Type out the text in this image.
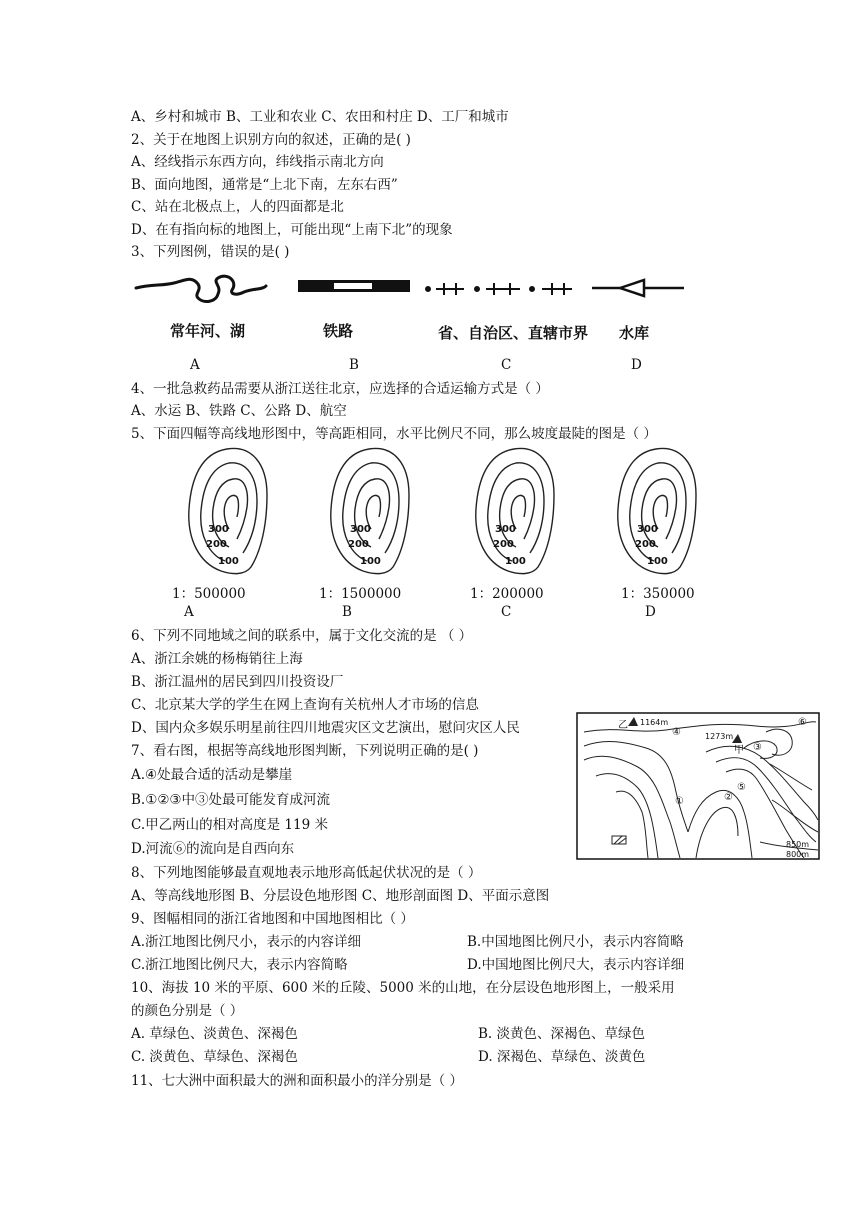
A、乡村和城市 B、工业和农业 C、农田和村庄 D、工厂和城市
2、关于在地图上识别方向的叙述，正确的是( )
A、经线指示东西方向，纬线指示南北方向
B、面向地图，通常是“上北下南，左东右西”
C、站在北极点上，人的四面都是北
D、在有指向标的地图上，可能出现“上南下北”的现象
3、下列图例，错误的是( )
常年河、湖	铁路	省、自治区、直辖市界 水库
A	B	C	D
4、一批急救药品需要从浙江送往北京，应选择的合适运输方式是（ ）
A、水运 B、铁路 C、公路 D、航空
5、下面四幅等高线地形图中，等高距相同，水平比例尺不同，那么坡度最陡的图是（ ）
300
200
100
300
200
100
300
200
100
300
200
100
1：500000	1：1500000	1：200000	1：350000
A	B	C	D
6、下列不同地域之间的联系中，属于文化交流的是 （ ）
A、浙江余姚的杨梅销往上海
B、浙江温州的居民到四川投资设厂
C、北京某大学的学生在网上查询有关杭州人才市场的信息
D、国内众多娱乐明星前往四川地震灾区文艺演出，慰问灾区人民
7、看右图，根据等高线地形图判断，下列说明正确的是( )
A.④处最合适的活动是攀崖
B.①②③中③处最可能发育成河流
C.甲乙两山的相对高度是 119 米
D.河流⑥的流向是自西向东
乙 1164m
1273m
甲
800m
850m
①	②
③
④
⑤
⑥
8、下列地图能够最直观地表示地形高低起伏状况的是（ ）
A、等高线地形图 B、分层设色地形图 C、地形剖面图 D、平面示意图
9、图幅相同的浙江省地图和中国地图相比（ ）
A.浙江地图比例尺小，表示的内容详细	B.中国地图比例尺小，表示内容简略
C.浙江地图比例尺大，表示内容简略	D.中国地图比例尺大，表示内容详细
10、海拔 10 米的平原、600 米的丘陵、5000 米的山地，在分层设色地形图上，一般采用
的颜色分别是（ ）
A. 草绿色、淡黄色、深褐色	B. 淡黄色、深褐色、草绿色
C. 淡黄色、草绿色、深褐色	D. 深褐色、草绿色、淡黄色
11、七大洲中面积最大的洲和面积最小的洋分别是（ ）
